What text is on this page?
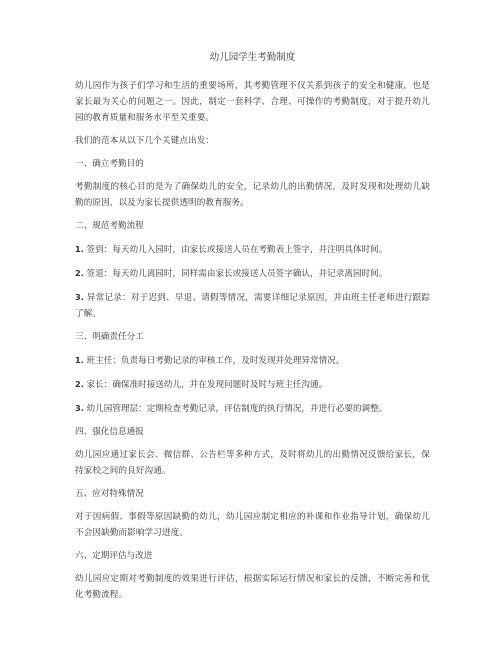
幼儿园学生考勤制度

幼儿园作为孩子们学习和生活的重要场所，其考勤管理不仅关系到孩子的安全和健康，也是家长最为关心的问题之一。因此，制定一套科学、合理、可操作的考勤制度，对于提升幼儿园的教育质量和服务水平至关重要。

我们的范本从以下几个关键点出发：

一、确立考勤目的

考勤制度的核心目的是为了确保幼儿的安全，记录幼儿的出勤情况，及时发现和处理幼儿缺勤的原因，以及为家长提供透明的教育服务。

二、规范考勤流程

1. 签到：每天幼儿入园时，由家长或接送人员在考勤表上签字，并注明具体时间。

2. 签退：每天幼儿离园时，同样需由家长或接送人员签字确认，并记录离园时间。

3. 异常记录：对于迟到、早退、请假等情况，需要详细记录原因，并由班主任老师进行跟踪了解。

三、明确责任分工

1. 班主任：负责每日考勤记录的审核工作，及时发现并处理异常情况。

2. 家长：确保准时接送幼儿，并在发现问题时及时与班主任沟通。

3. 幼儿园管理层：定期检查考勤记录，评估制度的执行情况，并进行必要的调整。

四、强化信息通报

幼儿园应通过家长会、微信群、公告栏等多种方式，及时将幼儿的出勤情况反馈给家长，保持家校之间的良好沟通。

五、应对特殊情况

对于因病假、事假等原因缺勤的幼儿，幼儿园应制定相应的补课和作业指导计划，确保幼儿不会因缺勤而影响学习进度。

六、定期评估与改进

幼儿园应定期对考勤制度的效果进行评估，根据实际运行情况和家长的反馈，不断完善和优化考勤流程。
